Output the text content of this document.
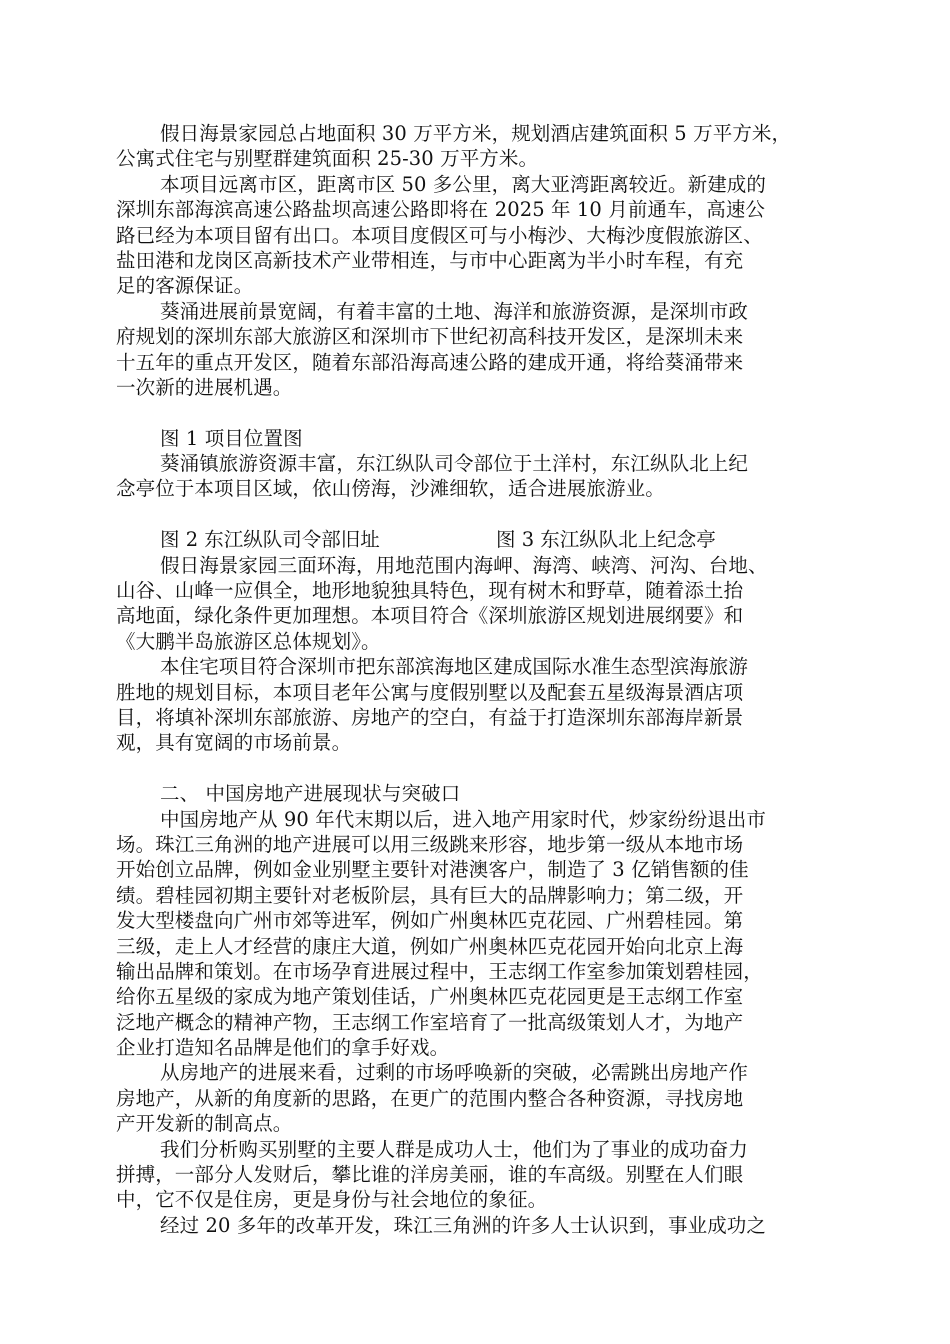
假日海景家园总占地面积 30 万平方米，规划酒店建筑面积 5 万平方米，
公寓式住宅与别墅群建筑面积 25-30 万平方米。
本项目远离市区，距离市区 50 多公里，离大亚湾距离较近。新建成的
深圳东部海滨高速公路盐坝高速公路即将在 2025 年 10 月前通车，高速公
路已经为本项目留有出口。本项目度假区可与小梅沙、大梅沙度假旅游区、
盐田港和龙岗区高新技术产业带相连，与市中心距离为半小时车程，有充
足的客源保证。
葵涌进展前景宽阔，有着丰富的土地、海洋和旅游资源，是深圳市政
府规划的深圳东部大旅游区和深圳市下世纪初高科技开发区，是深圳未来
十五年的重点开发区，随着东部沿海高速公路的建成开通，将给葵涌带来
一次新的进展机遇。
图 1 项目位置图
葵涌镇旅游资源丰富，东江纵队司令部位于土洋村，东江纵队北上纪
念亭位于本项目区域，依山傍海，沙滩细软，适合进展旅游业。
图 2 东江纵队司令部旧址	图 3 东江纵队北上纪念亭
假日海景家园三面环海，用地范围内海岬、海湾、峡湾、河沟、台地、
山谷、山峰一应俱全，地形地貌独具特色，现有树木和野草，随着添土抬
高地面，绿化条件更加理想。本项目符合《深圳旅游区规划进展纲要》和
《大鹏半岛旅游区总体规划》。
本住宅项目符合深圳市把东部滨海地区建成国际水准生态型滨海旅游
胜地的规划目标，本项目老年公寓与度假别墅以及配套五星级海景酒店项
目，将填补深圳东部旅游、房地产的空白，有益于打造深圳东部海岸新景
观，具有宽阔的市场前景。
二、 中国房地产进展现状与突破口
中国房地产从 90 年代末期以后，进入地产用家时代，炒家纷纷退出市
场。珠江三角洲的地产进展可以用三级跳来形容，地步第一级从本地市场
开始创立品牌，例如金业别墅主要针对港澳客户，制造了 3 亿销售额的佳
绩。碧桂园初期主要针对老板阶层，具有巨大的品牌影响力；第二级，开
发大型楼盘向广州市郊等进军，例如广州奥林匹克花园、广州碧桂园。第
三级，走上人才经营的康庄大道，例如广州奥林匹克花园开始向北京上海
输出品牌和策划。在市场孕育进展过程中，王志纲工作室参加策划碧桂园，
给你五星级的家成为地产策划佳话，广州奥林匹克花园更是王志纲工作室
泛地产概念的精神产物，王志纲工作室培育了一批高级策划人才，为地产
企业打造知名品牌是他们的拿手好戏。
从房地产的进展来看，过剩的市场呼唤新的突破，必需跳出房地产作
房地产，从新的角度新的思路，在更广的范围内整合各种资源，寻找房地
产开发新的制高点。
我们分析购买别墅的主要人群是成功人士，他们为了事业的成功奋力
拼搏，一部分人发财后，攀比谁的洋房美丽，谁的车高级。别墅在人们眼
中，它不仅是住房，更是身份与社会地位的象征。
经过 20 多年的改革开发，珠江三角洲的许多人士认识到，事业成功之
